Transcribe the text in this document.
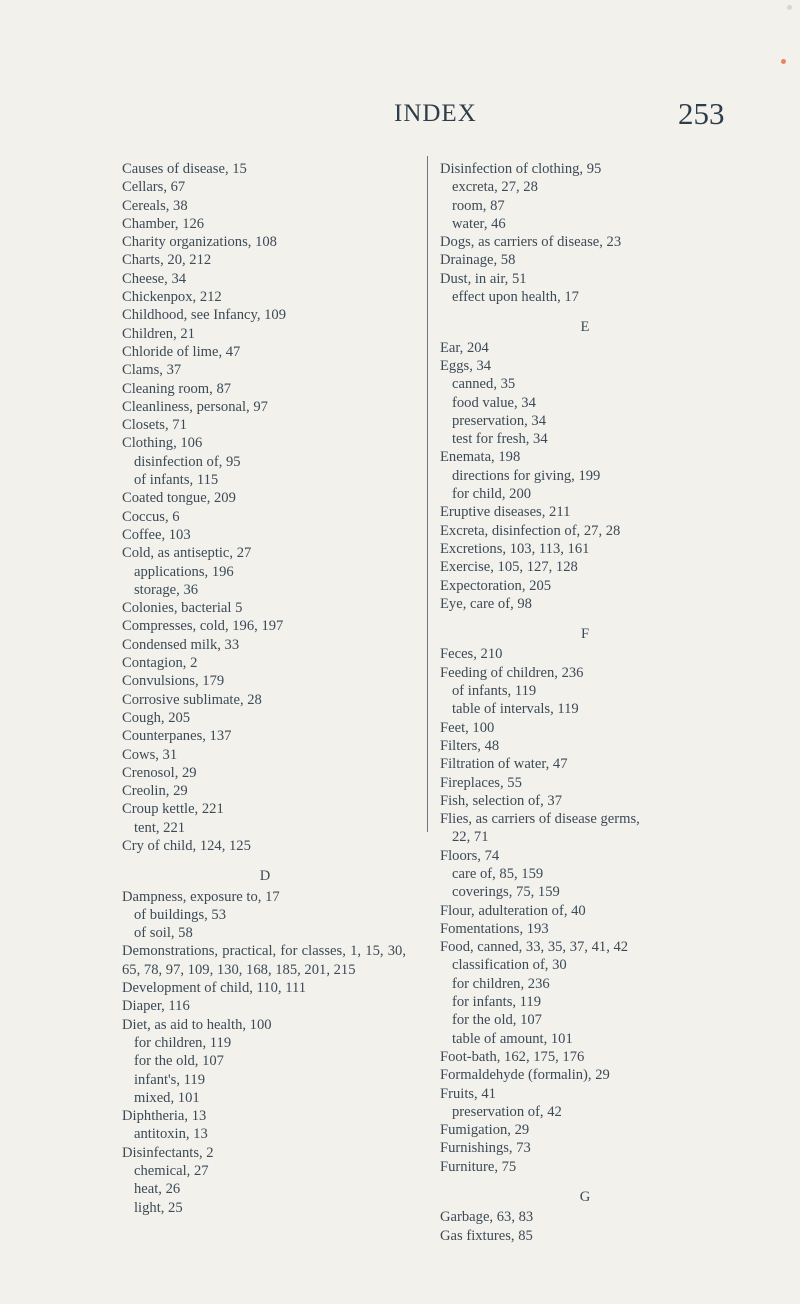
INDEX	253
Causes of disease, 15
Cellars, 67
Cereals, 38
Chamber, 126
Charity organizations, 108
Charts, 20, 212
Cheese, 34
Chickenpox, 212
Childhood, see Infancy, 109
Children, 21
Chloride of lime, 47
Clams, 37
Cleaning room, 87
Cleanliness, personal, 97
Closets, 71
Clothing, 106
disinfection of, 95
of infants, 115
Coated tongue, 209
Coccus, 6
Coffee, 103
Cold, as antiseptic, 27
applications, 196
storage, 36
Colonies, bacterial 5
Compresses, cold, 196, 197
Condensed milk, 33
Contagion, 2
Convulsions, 179
Corrosive sublimate, 28
Cough, 205
Counterpanes, 137
Cows, 31
Crenosol, 29
Creolin, 29
Croup kettle, 221
tent, 221
Cry of child, 124, 125
D
Dampness, exposure to, 17
of buildings, 53
of soil, 58
Demonstrations, practical, for classes, 1, 15, 30, 65, 78, 97, 109, 130, 168, 185, 201, 215
Development of child, 110, 111
Diaper, 116
Diet, as aid to health, 100
for children, 119
for the old, 107
infant's, 119
mixed, 101
Diphtheria, 13
antitoxin, 13
Disinfectants, 2
chemical, 27
heat, 26
light, 25
Disinfection of clothing, 95
excreta, 27, 28
room, 87
water, 46
Dogs, as carriers of disease, 23
Drainage, 58
Dust, in air, 51
effect upon health, 17
E
Ear, 204
Eggs, 34
canned, 35
food value, 34
preservation, 34
test for fresh, 34
Enemata, 198
directions for giving, 199
for child, 200
Eruptive diseases, 211
Excreta, disinfection of, 27, 28
Excretions, 103, 113, 161
Exercise, 105, 127, 128
Expectoration, 205
Eye, care of, 98
F
Feces, 210
Feeding of children, 236
of infants, 119
table of intervals, 119
Feet, 100
Filters, 48
Filtration of water, 47
Fireplaces, 55
Fish, selection of, 37
Flies, as carriers of disease germs,
22, 71
Floors, 74
care of, 85, 159
coverings, 75, 159
Flour, adulteration of, 40
Fomentations, 193
Food, canned, 33, 35, 37, 41, 42
classification of, 30
for children, 236
for infants, 119
for the old, 107
table of amount, 101
Foot-bath, 162, 175, 176
Formaldehyde (formalin), 29
Fruits, 41
preservation of, 42
Fumigation, 29
Furnishings, 73
Furniture, 75
G
Garbage, 63, 83
Gas fixtures, 85
